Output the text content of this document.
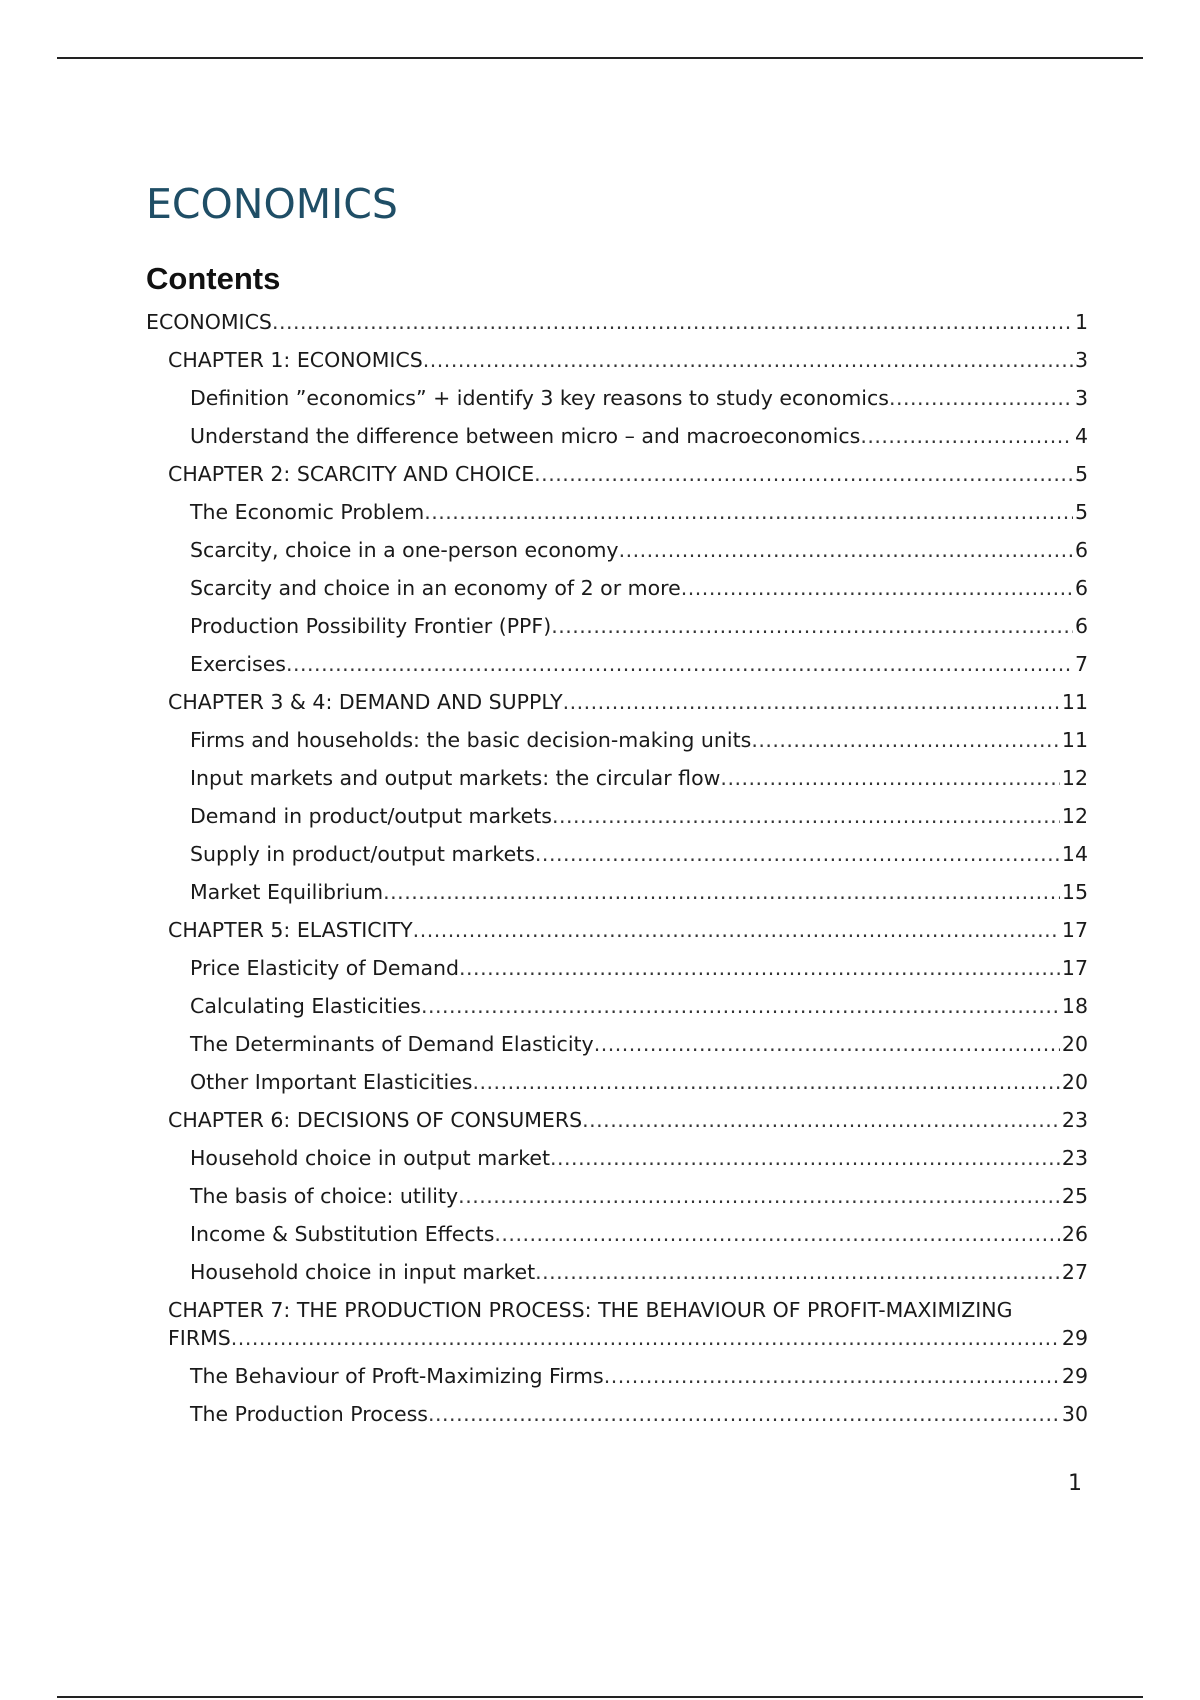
ECONOMICS
Contents
ECONOMICS .....	1
CHAPTER 1: ECONOMICS .....	3
Definition ”economics” + identify 3 key reasons to study economics .....	3
Understand the difference between micro – and macroeconomics .....	4
CHAPTER 2: SCARCITY AND CHOICE .....	5
The Economic Problem .....	5
Scarcity, choice in a one-person economy .....	6
Scarcity and choice in an economy of 2 or more .....	6
Production Possibility Frontier (PPF) .....	6
Exercises .....	7
CHAPTER 3 & 4: DEMAND AND SUPPLY .....	11
Firms and households: the basic decision-making units .....	11
Input markets and output markets: the circular flow .....	12
Demand in product/output markets .....	12
Supply in product/output markets .....	14
Market Equilibrium .....	15
CHAPTER 5: ELASTICITY .....	17
Price Elasticity of Demand .....	17
Calculating Elasticities .....	18
The Determinants of Demand Elasticity .....	20
Other Important Elasticities .....	20
CHAPTER 6: DECISIONS OF CONSUMERS .....	23
Household choice in output market .....	23
The basis of choice: utility .....	25
Income & Substitution Effects .....	26
Household choice in input market .....	27
CHAPTER 7: THE PRODUCTION PROCESS: THE BEHAVIOUR OF PROFIT-MAXIMIZING
FIRMS .....	29
The Behaviour of Proft-Maximizing Firms .....	29
The Production Process .....	30
1
